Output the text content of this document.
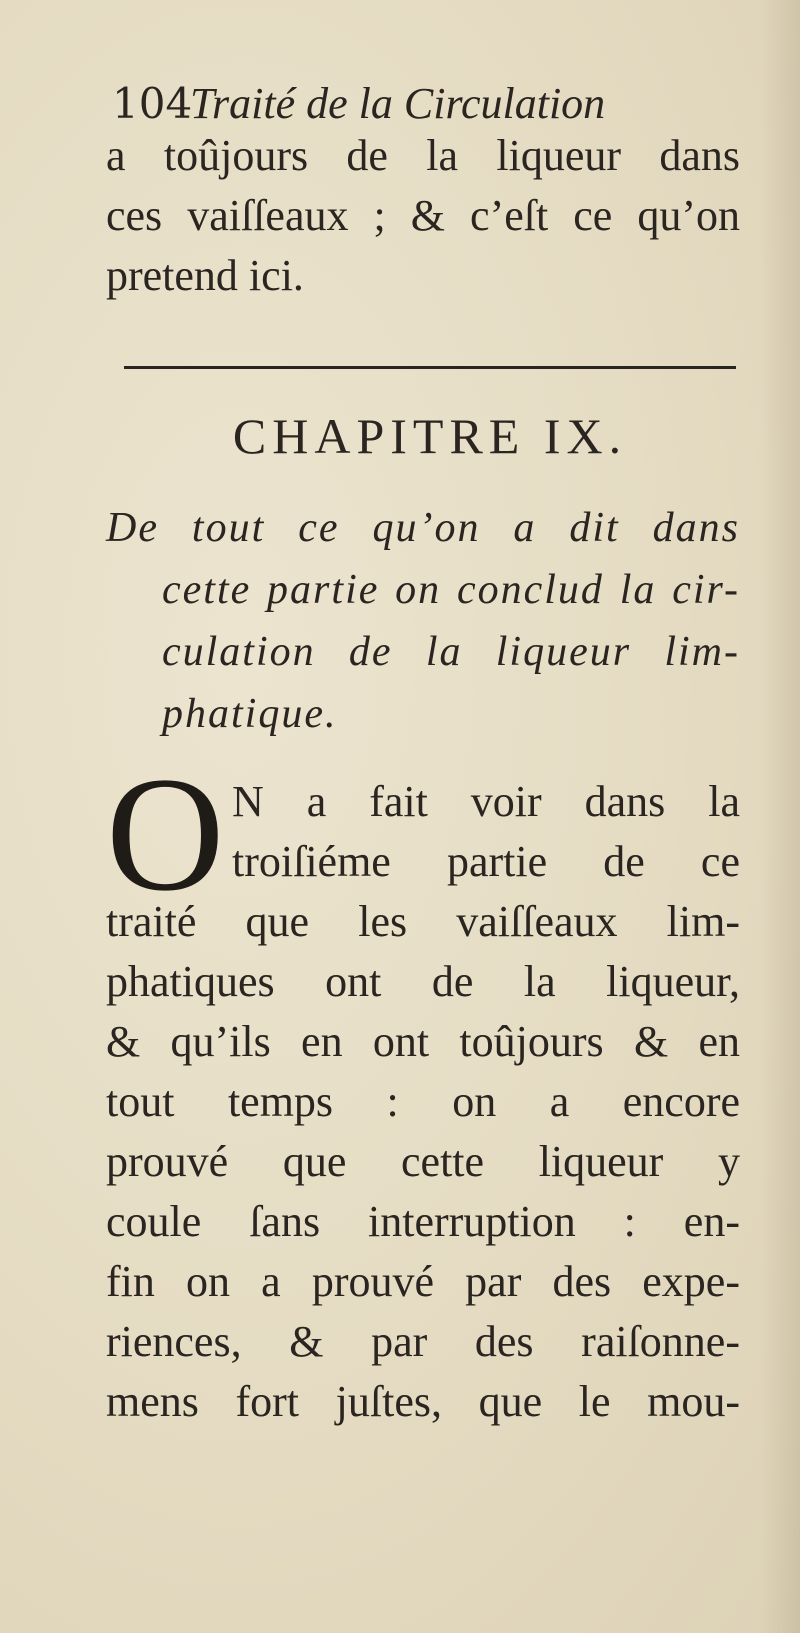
104Traité de la Circulation
a toûjours de la liqueur dans
ces vaiſſeaux ; & c’eſt ce qu’on
pretend ici.
CHAPITRE IX.
De tout ce qu’on a dit dans
cette partie on conclud la cir-
culation de la liqueur lim-
phatique.
O N a fait voir dans la
troiſiéme partie de ce
traité que les vaiſſeaux lim-
phatiques ont de la liqueur,
& qu’ils en ont toûjours & en
tout temps : on a encore
prouvé que cette liqueur y
coule ſans interruption : en-
fin on a prouvé par des expe-
riences, & par des raiſonne-
mens fort juſtes, que le mou-
